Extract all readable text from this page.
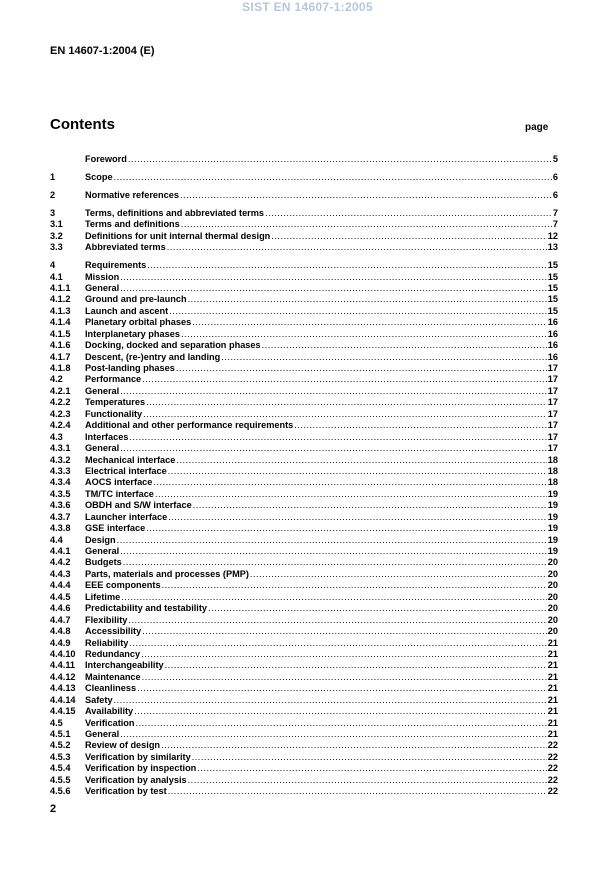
SIST EN 14607-1:2005
EN 14607-1:2004 (E)
Contents	page
Foreword .....	5
1	Scope .....	6
2	Normative references .....	6
3	Terms, definitions and abbreviated terms .....	7
3.1	Terms and definitions .....	7
3.2	Definitions for unit internal thermal design .....	12
3.3	Abbreviated terms .....	13
4	Requirements .....	15
4.1	Mission .....	15
4.1.1	General .....	15
4.1.2	Ground and pre-launch .....	15
4.1.3	Launch and ascent .....	15
4.1.4	Planetary orbital phases .....	16
4.1.5	Interplanetary phases .....	16
4.1.6	Docking, docked and separation phases .....	16
4.1.7	Descent, (re-)entry and landing .....	16
4.1.8	Post-landing phases .....	17
4.2	Performance .....	17
4.2.1	General .....	17
4.2.2	Temperatures .....	17
4.2.3	Functionality .....	17
4.2.4	Additional and other performance requirements .....	17
4.3	Interfaces .....	17
4.3.1	General .....	17
4.3.2	Mechanical interface .....	18
4.3.3	Electrical interface .....	18
4.3.4	AOCS interface .....	18
4.3.5	TM/TC interface .....	19
4.3.6	OBDH and S/W interface .....	19
4.3.7	Launcher interface .....	19
4.3.8	GSE interface .....	19
4.4	Design .....	19
4.4.1	General .....	19
4.4.2	Budgets .....	20
4.4.3	Parts, materials and processes (PMP) .....	20
4.4.4	EEE components .....	20
4.4.5	Lifetime .....	20
4.4.6	Predictability and testability .....	20
4.4.7	Flexibility .....	20
4.4.8	Accessibility .....	20
4.4.9	Reliability .....	21
4.4.10	Redundancy .....	21
4.4.11	Interchangeability .....	21
4.4.12	Maintenance .....	21
4.4.13	Cleanliness .....	21
4.4.14	Safety .....	21
4.4.15	Availability .....	21
4.5	Verification .....	21
4.5.1	General .....	21
4.5.2	Review of design .....	22
4.5.3	Verification by similarity .....	22
4.5.4	Verification by inspection .....	22
4.5.5	Verification by analysis .....	22
4.5.6	Verification by test .....	22
2
